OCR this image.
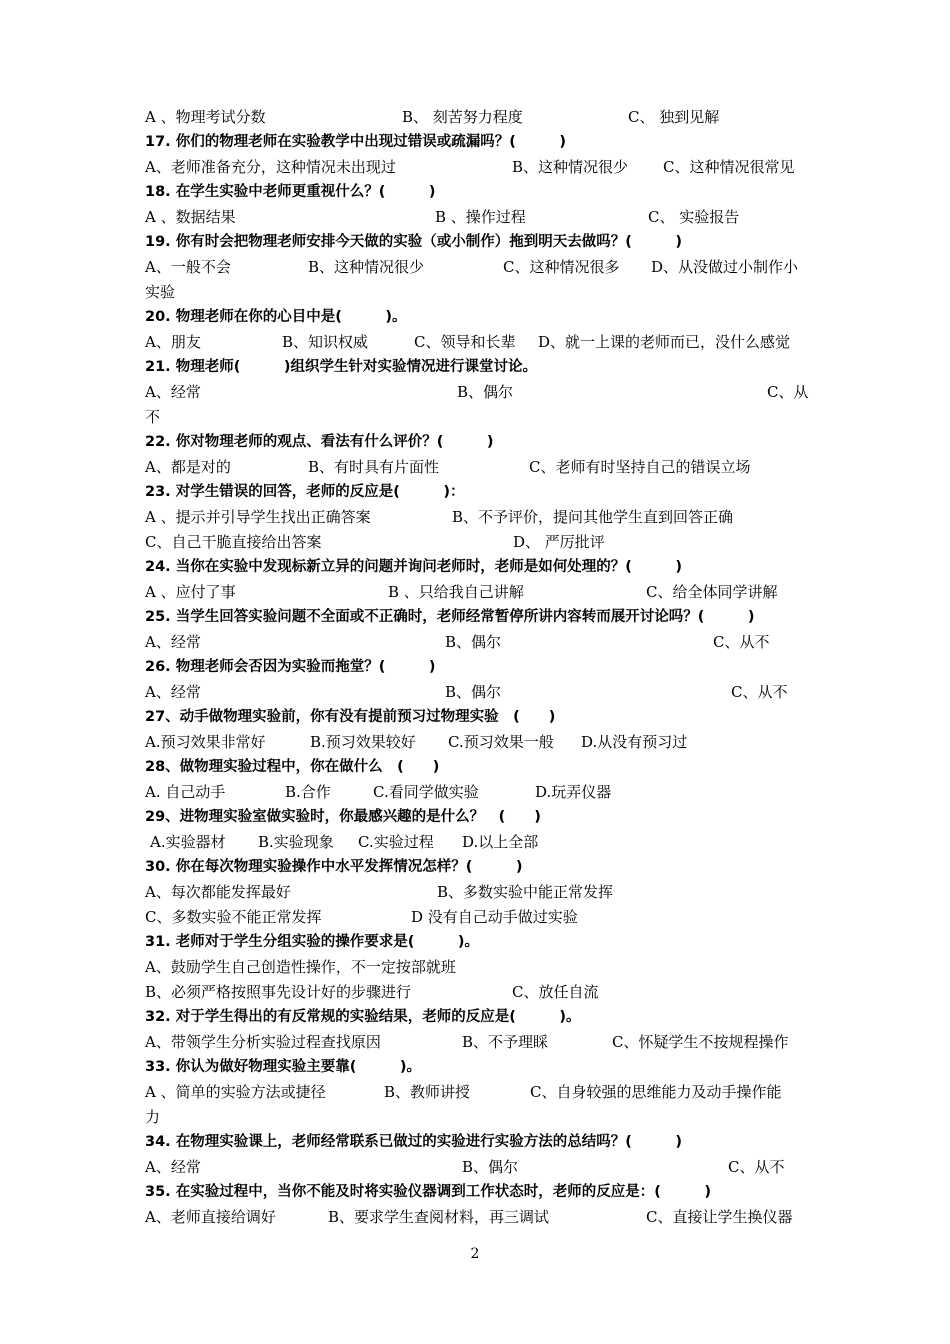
A 、物理考试分数	B、 刻苦努力程度	C、 独到见解
17. 你们的物理老师在实验教学中出现过错误或疏漏吗？(　　　)
A、老师准备充分，这种情况未出现过	B、这种情况很少 C、这种情况很常见
18. 在学生实验中老师更重视什么？(　　　)
A 、数据结果	B 、操作过程	C、 实验报告
19. 你有时会把物理老师安排今天做的实验（或小制作）拖到明天去做吗？(　　　)
A、一般不会	B、这种情况很少	C、这种情况很多 D、从没做过小制作小
实验
20. 物理老师在你的心目中是(　　　)。
A、朋友	B、知识权威	C、领导和长辈 D、就一上课的老师而已，没什么感觉
21. 物理老师(　　　)组织学生针对实验情况进行课堂讨论。
A、经常	B、偶尔	C、从
不
22. 你对物理老师的观点、看法有什么评价？(　　　)
A、都是对的	B、有时具有片面性	C、老师有时坚持自己的错误立场
23. 对学生错误的回答，老师的反应是(　　　)：
A 、提示并引导学生找出正确答案	B、不予评价，提问其他学生直到回答正确
C、自己干脆直接给出答案	D、 严厉批评
24. 当你在实验中发现标新立异的问题并询问老师时，老师是如何处理的？(　　　)
A 、应付了事	B 、只给我自己讲解	C、给全体同学讲解
25. 当学生回答实验问题不全面或不正确时，老师经常暂停所讲内容转而展开讨论吗？(　　　)
A、经常	B、偶尔	C、从不
26. 物理老师会否因为实验而拖堂？(　　　)
A、经常	B、偶尔	C、从不
27、动手做物理实验前，你有没有提前预习过物理实验　(　　)
A.预习效果非常好	B.预习效果较好 C.预习效果一般 D.从没有预习过
28、做物理实验过程中，你在做什么　(　　)
A. 自己动手	B.合作	C.看同学做实验	D.玩弄仪器
29、进物理实验室做实验时，你最感兴趣的是什么？　(　　)
A.实验器材 B.实验现象 C.实验过程 D.以上全部
30. 你在每次物理实验操作中水平发挥情况怎样？(　　　)
A、每次都能发挥最好	B、多数实验中能正常发挥
C、多数实验不能正常发挥	D 没有自己动手做过实验
31. 老师对于学生分组实验的操作要求是(　　　)。
A、鼓励学生自己创造性操作，不一定按部就班
B、必须严格按照事先设计好的步骤进行	C、放任自流
32. 对于学生得出的有反常规的实验结果，老师的反应是(　　　)。
A、带领学生分析实验过程查找原因	B、不予理睬	C、怀疑学生不按规程操作
33. 你认为做好物理实验主要靠(　　　)。
A 、简单的实验方法或捷径	B、教师讲授	C、自身较强的思维能力及动手操作能
力
34. 在物理实验课上，老师经常联系已做过的实验进行实验方法的总结吗？(　　　)
A、经常	B、偶尔	C、从不
35. 在实验过程中，当你不能及时将实验仪器调到工作状态时，老师的反应是：(　　　)
A、老师直接给调好	B、要求学生查阅材料，再三调试	C、直接让学生换仪器
2
